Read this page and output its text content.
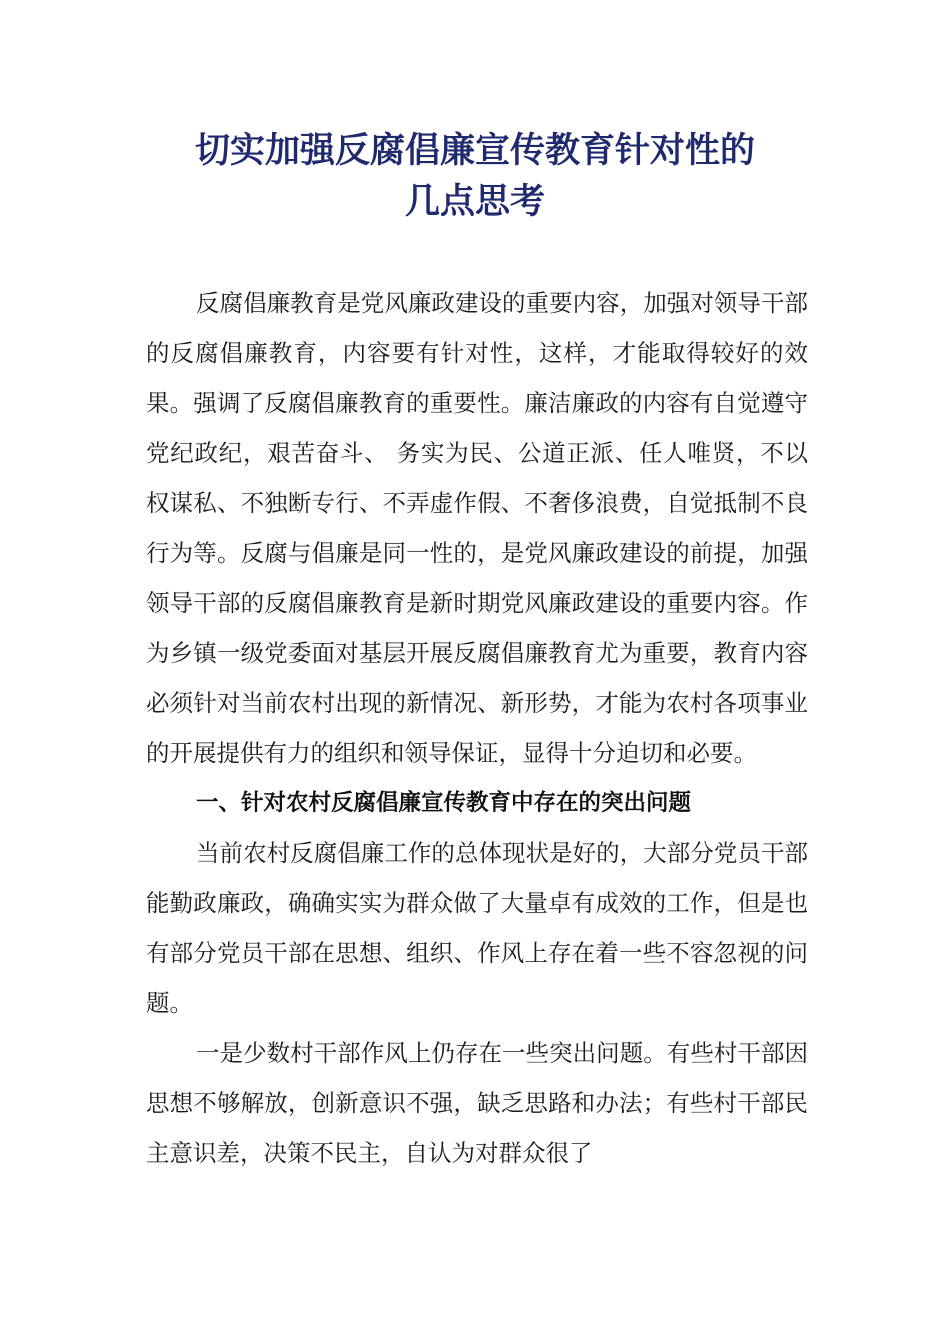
切实加强反腐倡廉宣传教育针对性的
几点思考

反腐倡廉教育是党风廉政建设的重要内容，加强对领导干部的反腐倡廉教育，内容要有针对性，这样，才能取得较好的效果。强调了反腐倡廉教育的重要性。廉洁廉政的内容有自觉遵守党纪政纪，艰苦奋斗、 务实为民、公道正派、任人唯贤，不以权谋私、不独断专行、不弄虚作假、不奢侈浪费，自觉抵制不良行为等。反腐与倡廉是同一性的，是党风廉政建设的前提，加强领导干部的反腐倡廉教育是新时期党风廉政建设的重要内容。作为乡镇一级党委面对基层开展反腐倡廉教育尤为重要，教育内容必须针对当前农村出现的新情况、新形势，才能为农村各项事业的开展提供有力的组织和领导保证，显得十分迫切和必要。

一、针对农村反腐倡廉宣传教育中存在的突出问题

当前农村反腐倡廉工作的总体现状是好的，大部分党员干部能勤政廉政，确确实实为群众做了大量卓有成效的工作，但是也有部分党员干部在思想、组织、作风上存在着一些不容忽视的问题。

一是少数村干部作风上仍存在一些突出问题。有些村干部因思想不够解放，创新意识不强，缺乏思路和办法；有些村干部民主意识差，决策不民主，自认为对群众很了
